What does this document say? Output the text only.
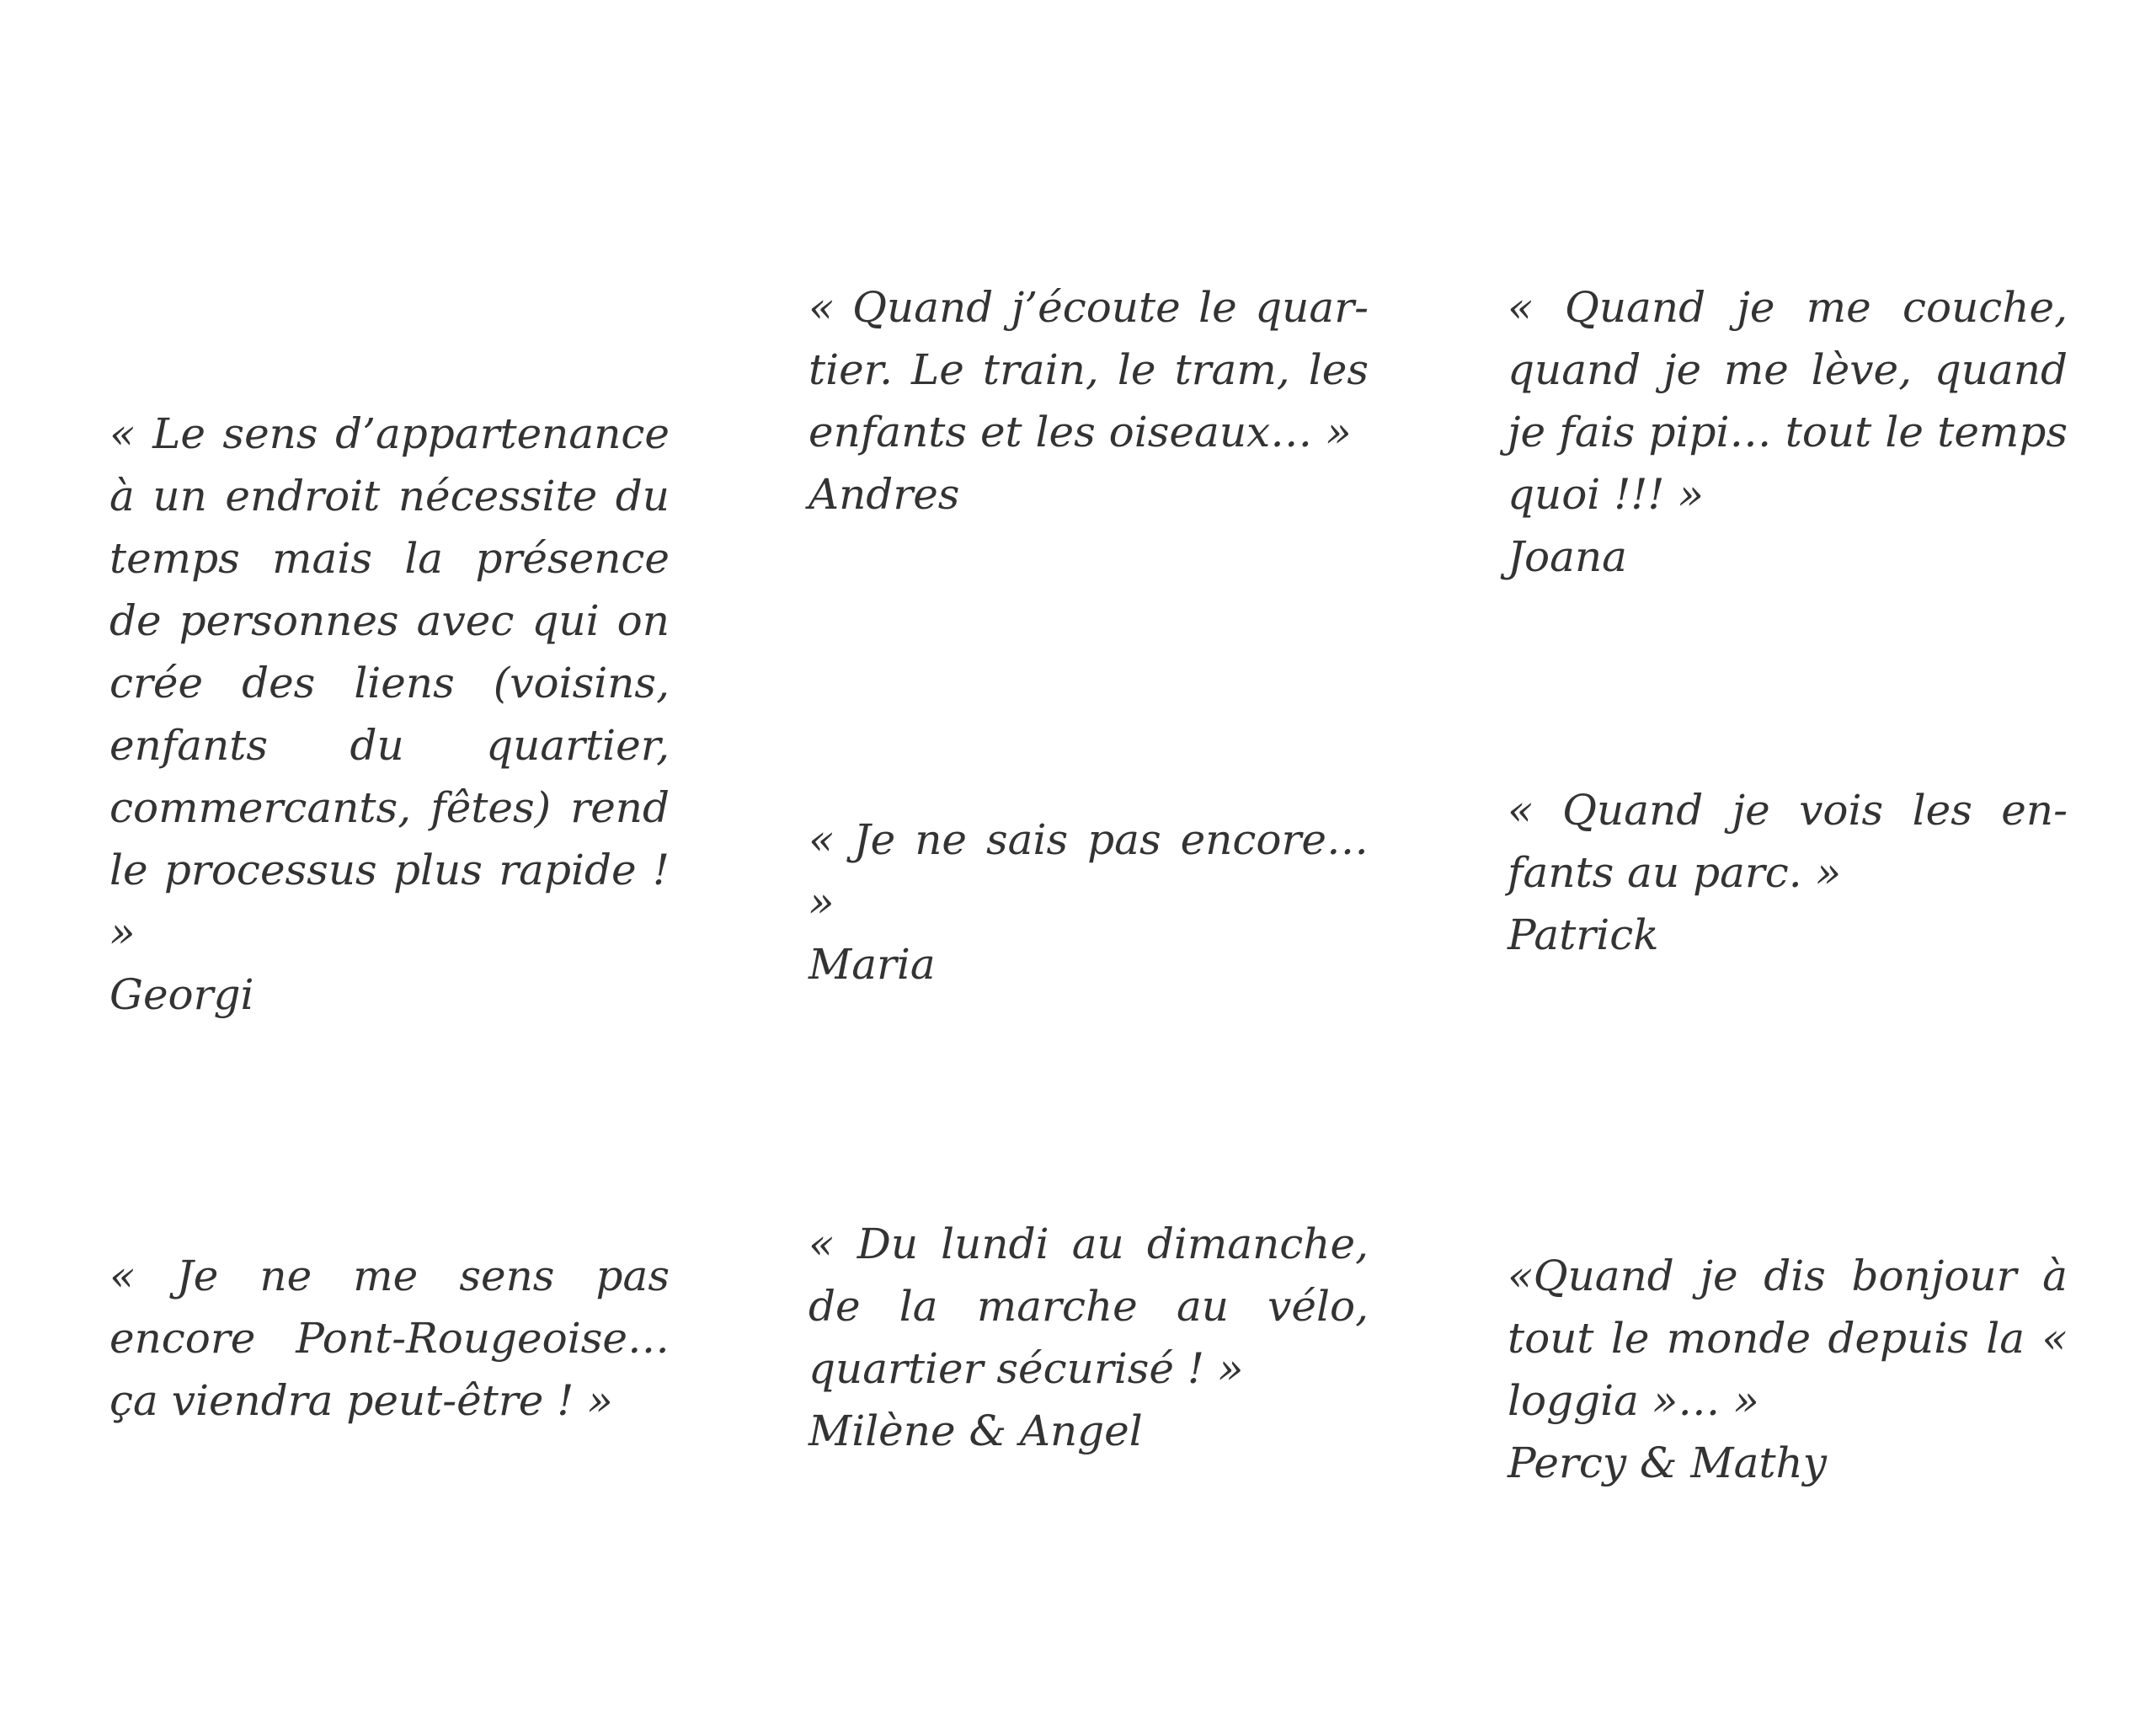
« Le sens d’appartenance à un endroit nécessite du temps mais la présence de personnes avec qui on crée des liens (voisins, enfants du quartier, commercants, fêtes) rend le processus plus rapide ! »
Georgi
« Quand j’écoute le quartier. Le train, le tram, les enfants et les oiseaux… »
Andres
« Quand je me couche, quand je me lève, quand je fais pipi… tout le temps quoi !!! »
Joana
« Je ne sais pas encore… »
Maria
« Quand je vois les enfants au parc. »
Patrick
« Je ne me sens pas encore Pont-Rougeoise… ça viendra peut-être ! »
« Du lundi au dimanche, de la marche au vélo, quartier sécurisé ! »
Milène & Angel
«Quand je dis bonjour à tout le monde depuis la « loggia »… »
Percy & Mathy
